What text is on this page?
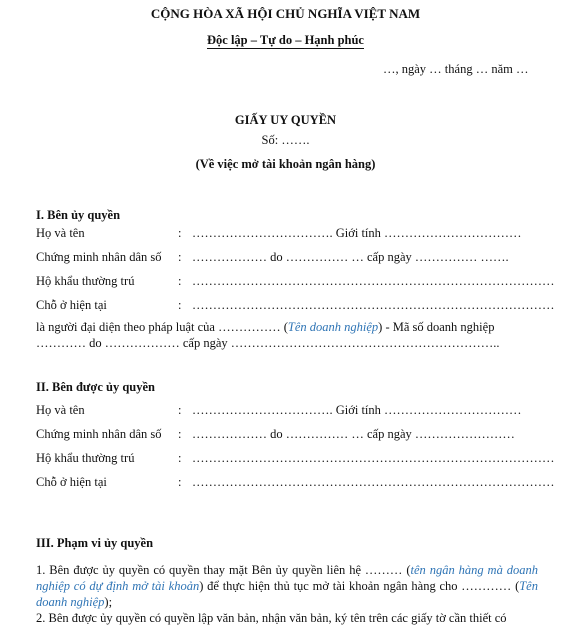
CỘNG HÒA XÃ HỘI CHỦ NGHĨA VIỆT NAM
Độc lập – Tự do – Hạnh phúc
…, ngày … tháng … năm …
GIẤY UY QUYỀN
Số: …….
(Về việc mở tài khoản ngân hàng)
I. Bên ủy quyền
Họ và tên	: ……………………………. Giới tính ……………………………
Chứng minh nhân dân số : ……………… do …………… … cấp ngày …………… …….
Hộ khẩu thường trú	: ……………………………………………………………………………
Chỗ ở hiện tại	: ……………………………………………………………………………
là người đại diện theo pháp luật của …………… (Tên doanh nghiệp) - Mã số doanh nghiệp
………… do ……………… cấp ngày ………………………………………………………..
II. Bên được ủy quyền
Họ và tên	: ……………………………. Giới tính ……………………………
Chứng minh nhân dân số : ……………… do …………… … cấp ngày ……………………
Hộ khẩu thường trú	: ……………………………………………………………………………
Chỗ ở hiện tại	: ……………………………………………………………………………
III. Phạm vi ủy quyền
1. Bên được ủy quyền có quyền thay mặt Bên ủy quyền liên hệ ……… (tên ngân hàng mà doanh nghiệp có dự định mở tài khoản) để thực hiện thủ tục mở tài khoản ngân hàng cho ………… (Tên doanh nghiệp);
2. Bên được ủy quyền có quyền lập văn bản, nhận văn bản, ký tên trên các giấy tờ cần thiết có
